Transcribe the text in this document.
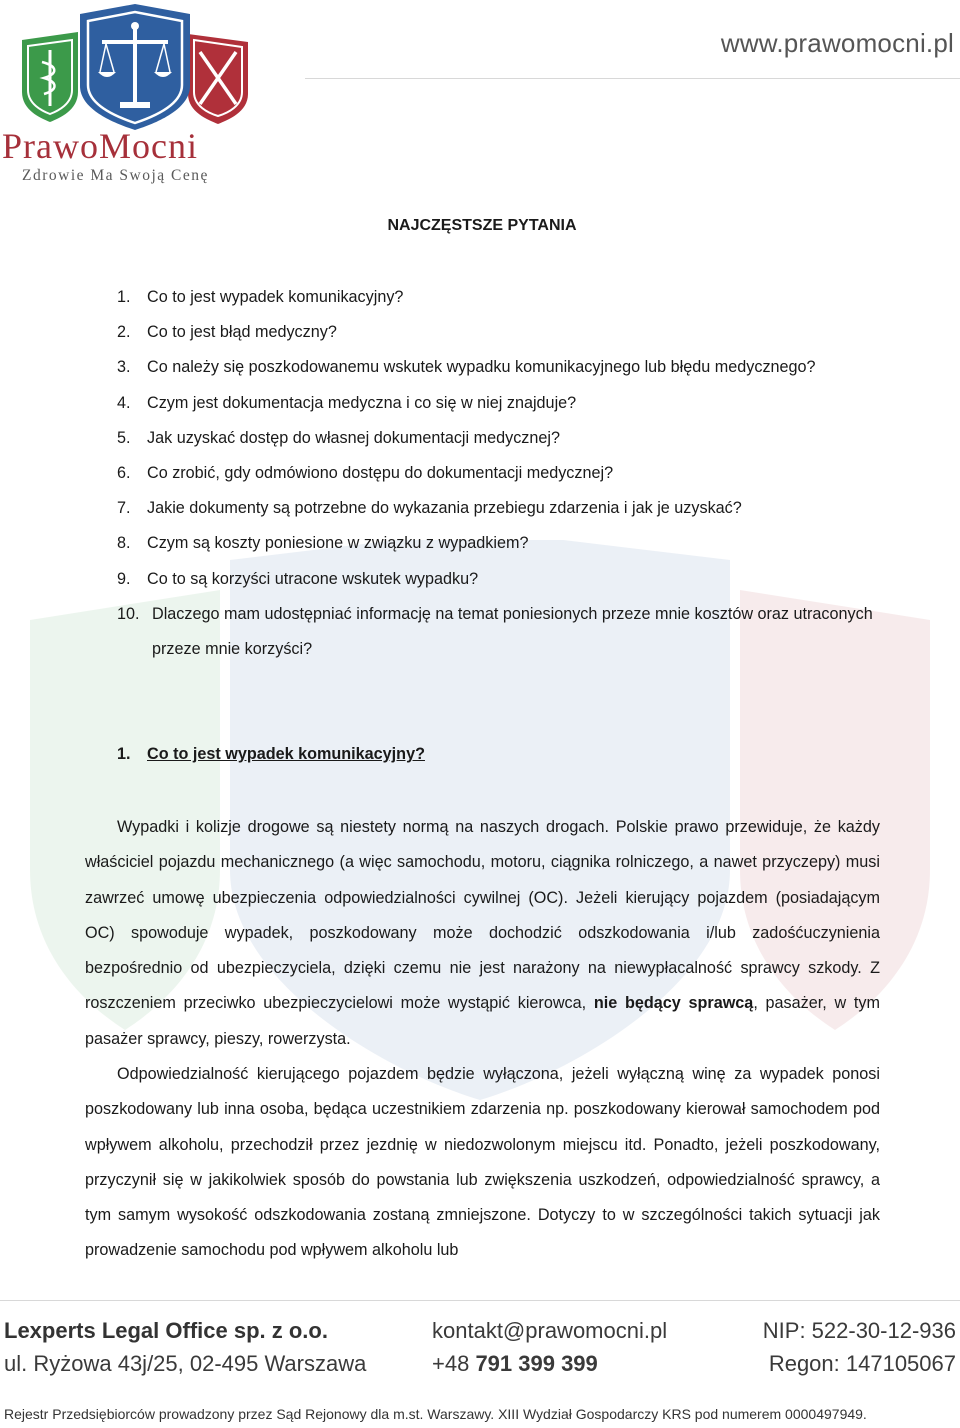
PrawoMocni
Zdrowie Ma Swoją Cenę
www.prawomocni.pl
NAJCZĘSTSZE PYTANIA
1.	Co to jest wypadek komunikacyjny?
2.	Co to jest błąd medyczny?
3.	Co należy się poszkodowanemu wskutek wypadku komunikacyjnego lub błędu medycznego?
4.	Czym jest dokumentacja medyczna i co się w niej znajduje?
5.	Jak uzyskać dostęp do własnej dokumentacji medycznej?
6.	Co zrobić, gdy odmówiono dostępu do dokumentacji medycznej?
7.	Jakie dokumenty są potrzebne do wykazania przebiegu zdarzenia i jak je uzyskać?
8.	Czym są koszty poniesione w związku z wypadkiem?
9.	Co to są korzyści utracone wskutek wypadku?
10. Dlaczego mam udostępniać informację na temat poniesionych przeze mnie kosztów oraz utraconych przeze mnie korzyści?
1.	Co to jest wypadek komunikacyjny?

Wypadki i kolizje drogowe są niestety normą na naszych drogach. Polskie prawo przewiduje, że każdy właściciel pojazdu mechanicznego (a więc samochodu, motoru, ciągnika rolniczego, a nawet przyczepy) musi zawrzeć umowę ubezpieczenia odpowiedzialności cywilnej (OC). Jeżeli kierujący pojazdem (posiadającym OC) spowoduje wypadek, poszkodowany może dochodzić odszkodowania i/lub zadośćuczynienia bezpośrednio od ubezpieczyciela, dzięki czemu nie jest narażony na niewypłacalność sprawcy szkody. Z roszczeniem przeciwko ubezpieczycielowi może wystąpić kierowca, nie będący sprawcą, pasażer, w tym pasażer sprawcy, pieszy, rowerzysta.

Odpowiedzialność kierującego pojazdem będzie wyłączona, jeżeli wyłączną winę za wypadek ponosi poszkodowany lub inna osoba, będąca uczestnikiem zdarzenia np. poszkodowany kierował samochodem pod wpływem alkoholu, przechodził przez jezdnię w niedozwolonym miejscu itd. Ponadto, jeżeli poszkodowany, przyczynił się w jakikolwiek sposób do powstania lub zwiększenia uszkodzeń, odpowiedzialność sprawcy, a tym samym wysokość odszkodowania zostaną zmniejszone. Dotyczy to w szczególności takich sytuacji jak prowadzenie samochodu pod wpływem alkoholu lub

Lexperts Legal Office sp. z o.o.
ul. Ryżowa 43j/25, 02-495 Warszawa
kontakt@prawomocni.pl
+48 791 399 399
NIP: 522-30-12-936
Regon: 147105067
Rejestr Przedsiębiorców prowadzony przez Sąd Rejonowy dla m.st. Warszawy. XIII Wydział Gospodarczy KRS pod numerem 0000497949.
